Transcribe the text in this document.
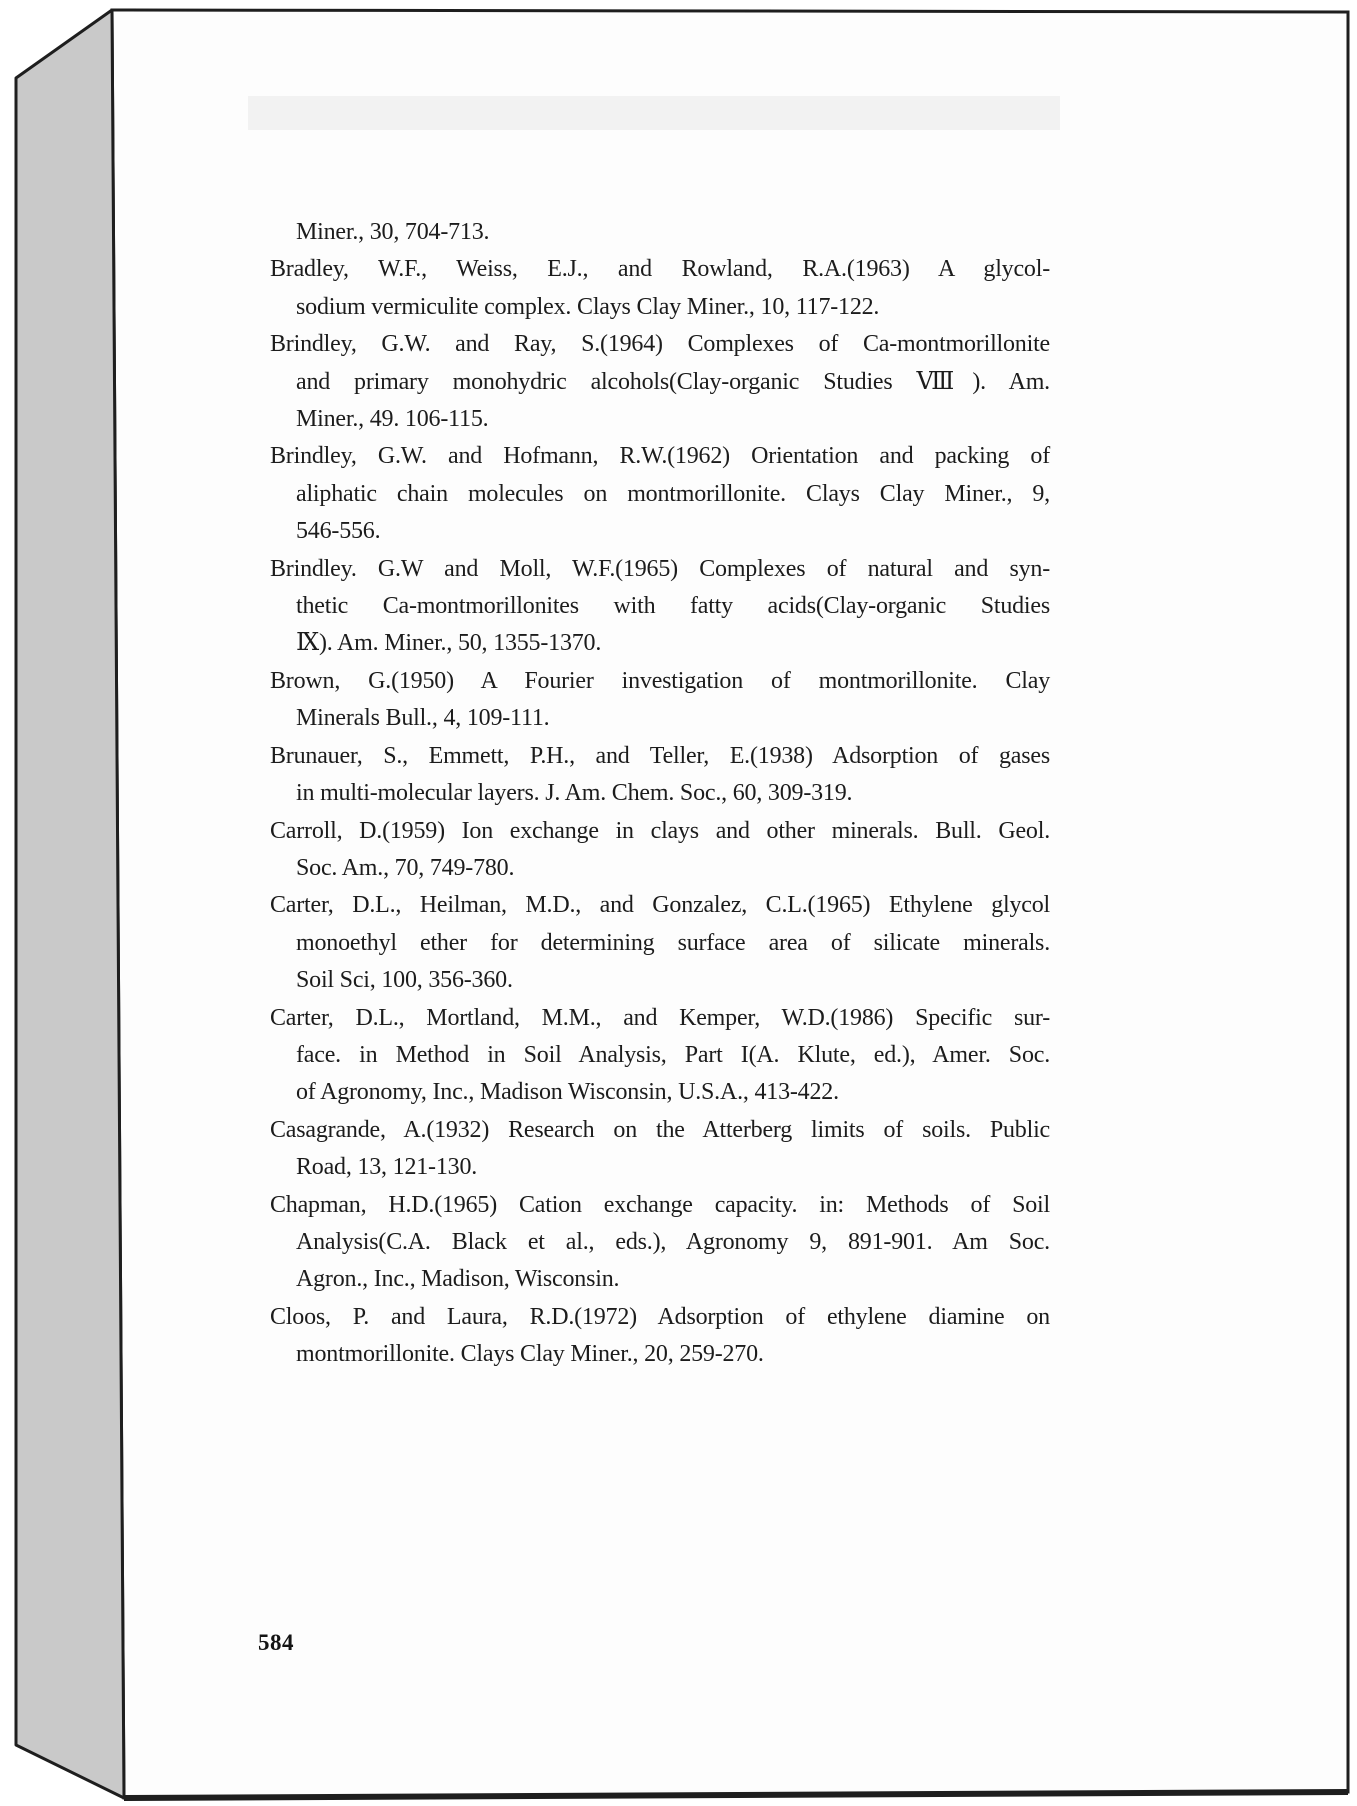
Miner., 30, 704-713.
Bradley, W.F., Weiss, E.J., and Rowland, R.A.(1963) A glycol-
sodium vermiculite complex. Clays Clay Miner., 10, 117-122.
Brindley, G.W. and Ray, S.(1964) Complexes of Ca-montmorillonite
and primary monohydric alcohols(Clay-organic Studies Ⅷ). Am.
Miner., 49. 106-115.
Brindley, G.W. and Hofmann, R.W.(1962) Orientation and packing of
aliphatic chain molecules on montmorillonite. Clays Clay Miner., 9,
546-556.
Brindley. G.W and Moll, W.F.(1965) Complexes of natural and syn-
thetic Ca-montmorillonites with fatty acids(Clay-organic Studies
Ⅸ). Am. Miner., 50, 1355-1370.
Brown, G.(1950) A Fourier investigation of montmorillonite. Clay
Minerals Bull., 4, 109-111.
Brunauer, S., Emmett, P.H., and Teller, E.(1938) Adsorption of gases
in multi-molecular layers. J. Am. Chem. Soc., 60, 309-319.
Carroll, D.(1959) Ion exchange in clays and other minerals. Bull. Geol.
Soc. Am., 70, 749-780.
Carter, D.L., Heilman, M.D., and Gonzalez, C.L.(1965) Ethylene glycol
monoethyl ether for determining surface area of silicate minerals.
Soil Sci, 100, 356-360.
Carter, D.L., Mortland, M.M., and Kemper, W.D.(1986) Specific sur-
face. in Method in Soil Analysis, Part I(A. Klute, ed.), Amer. Soc.
of Agronomy, Inc., Madison Wisconsin, U.S.A., 413-422.
Casagrande, A.(1932) Research on the Atterberg limits of soils. Public
Road, 13, 121-130.
Chapman, H.D.(1965) Cation exchange capacity. in: Methods of Soil
Analysis(C.A. Black et al., eds.), Agronomy 9, 891-901. Am Soc.
Agron., Inc., Madison, Wisconsin.
Cloos, P. and Laura, R.D.(1972) Adsorption of ethylene diamine on
montmorillonite. Clays Clay Miner., 20, 259-270.
584
